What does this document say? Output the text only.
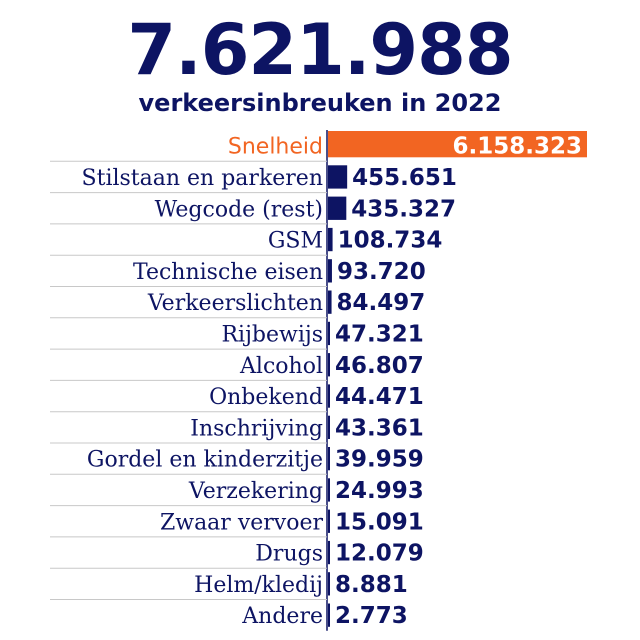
7.621.988
verkeersinbreuken in 2022
Snelheid	6.158.323
Stilstaan en parkeren 455.651
Wegcode (rest) 435.327
GSM 108.734
Technische eisen 93.720
Verkeerslichten 84.497
Rijbewijs 47.321
Alcohol 46.807
Onbekend 44.471
Inschrijving 43.361
Gordel en kinderzitje 39.959
Verzekering 24.993
Zwaar vervoer 15.091
Drugs 12.079
Helm/kledij 8.881
Andere 2.773
